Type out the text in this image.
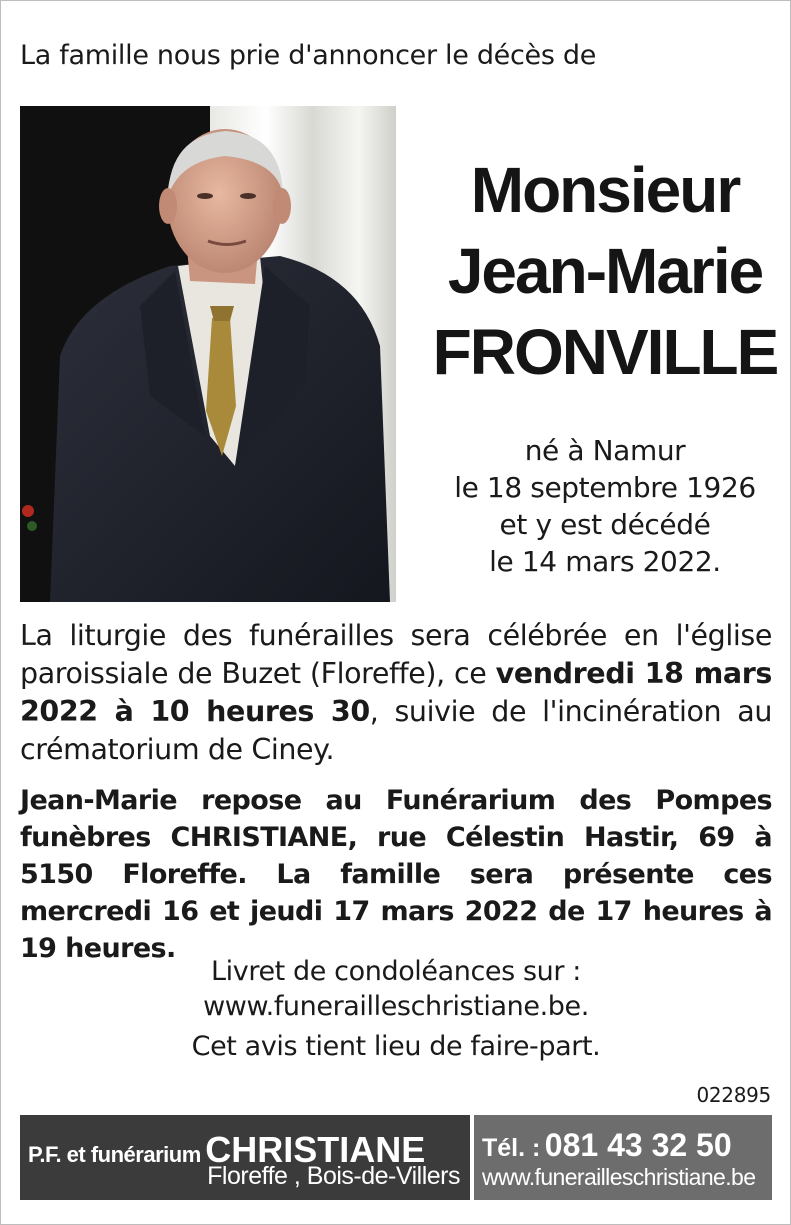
La famille nous prie d'annoncer le décès de
Monsieur
Jean-Marie
FRONVILLE
né à Namur
le 18 septembre 1926
et y est décédé
le 14 mars 2022.
La liturgie des funérailles sera célébrée en l'église paroissiale de Buzet (Floreffe), ce vendredi 18 mars 2022 à 10 heures 30, suivie de l'incinération au crématorium de Ciney.
Jean-Marie repose au Funérarium des Pompes funèbres CHRISTIANE, rue Célestin Hastir, 69 à 5150 Floreffe. La famille sera présente ces mercredi 16 et jeudi 17 mars 2022 de 17 heures à 19 heures.
Livret de condoléances sur :
www.funerailleschristiane.be.
Cet avis tient lieu de faire-part.
022895
P.F. et funérarium CHRISTIANE
Floreffe , Bois-de-Villers
Tél. : 081 43 32 50
www.funerailleschristiane.be
